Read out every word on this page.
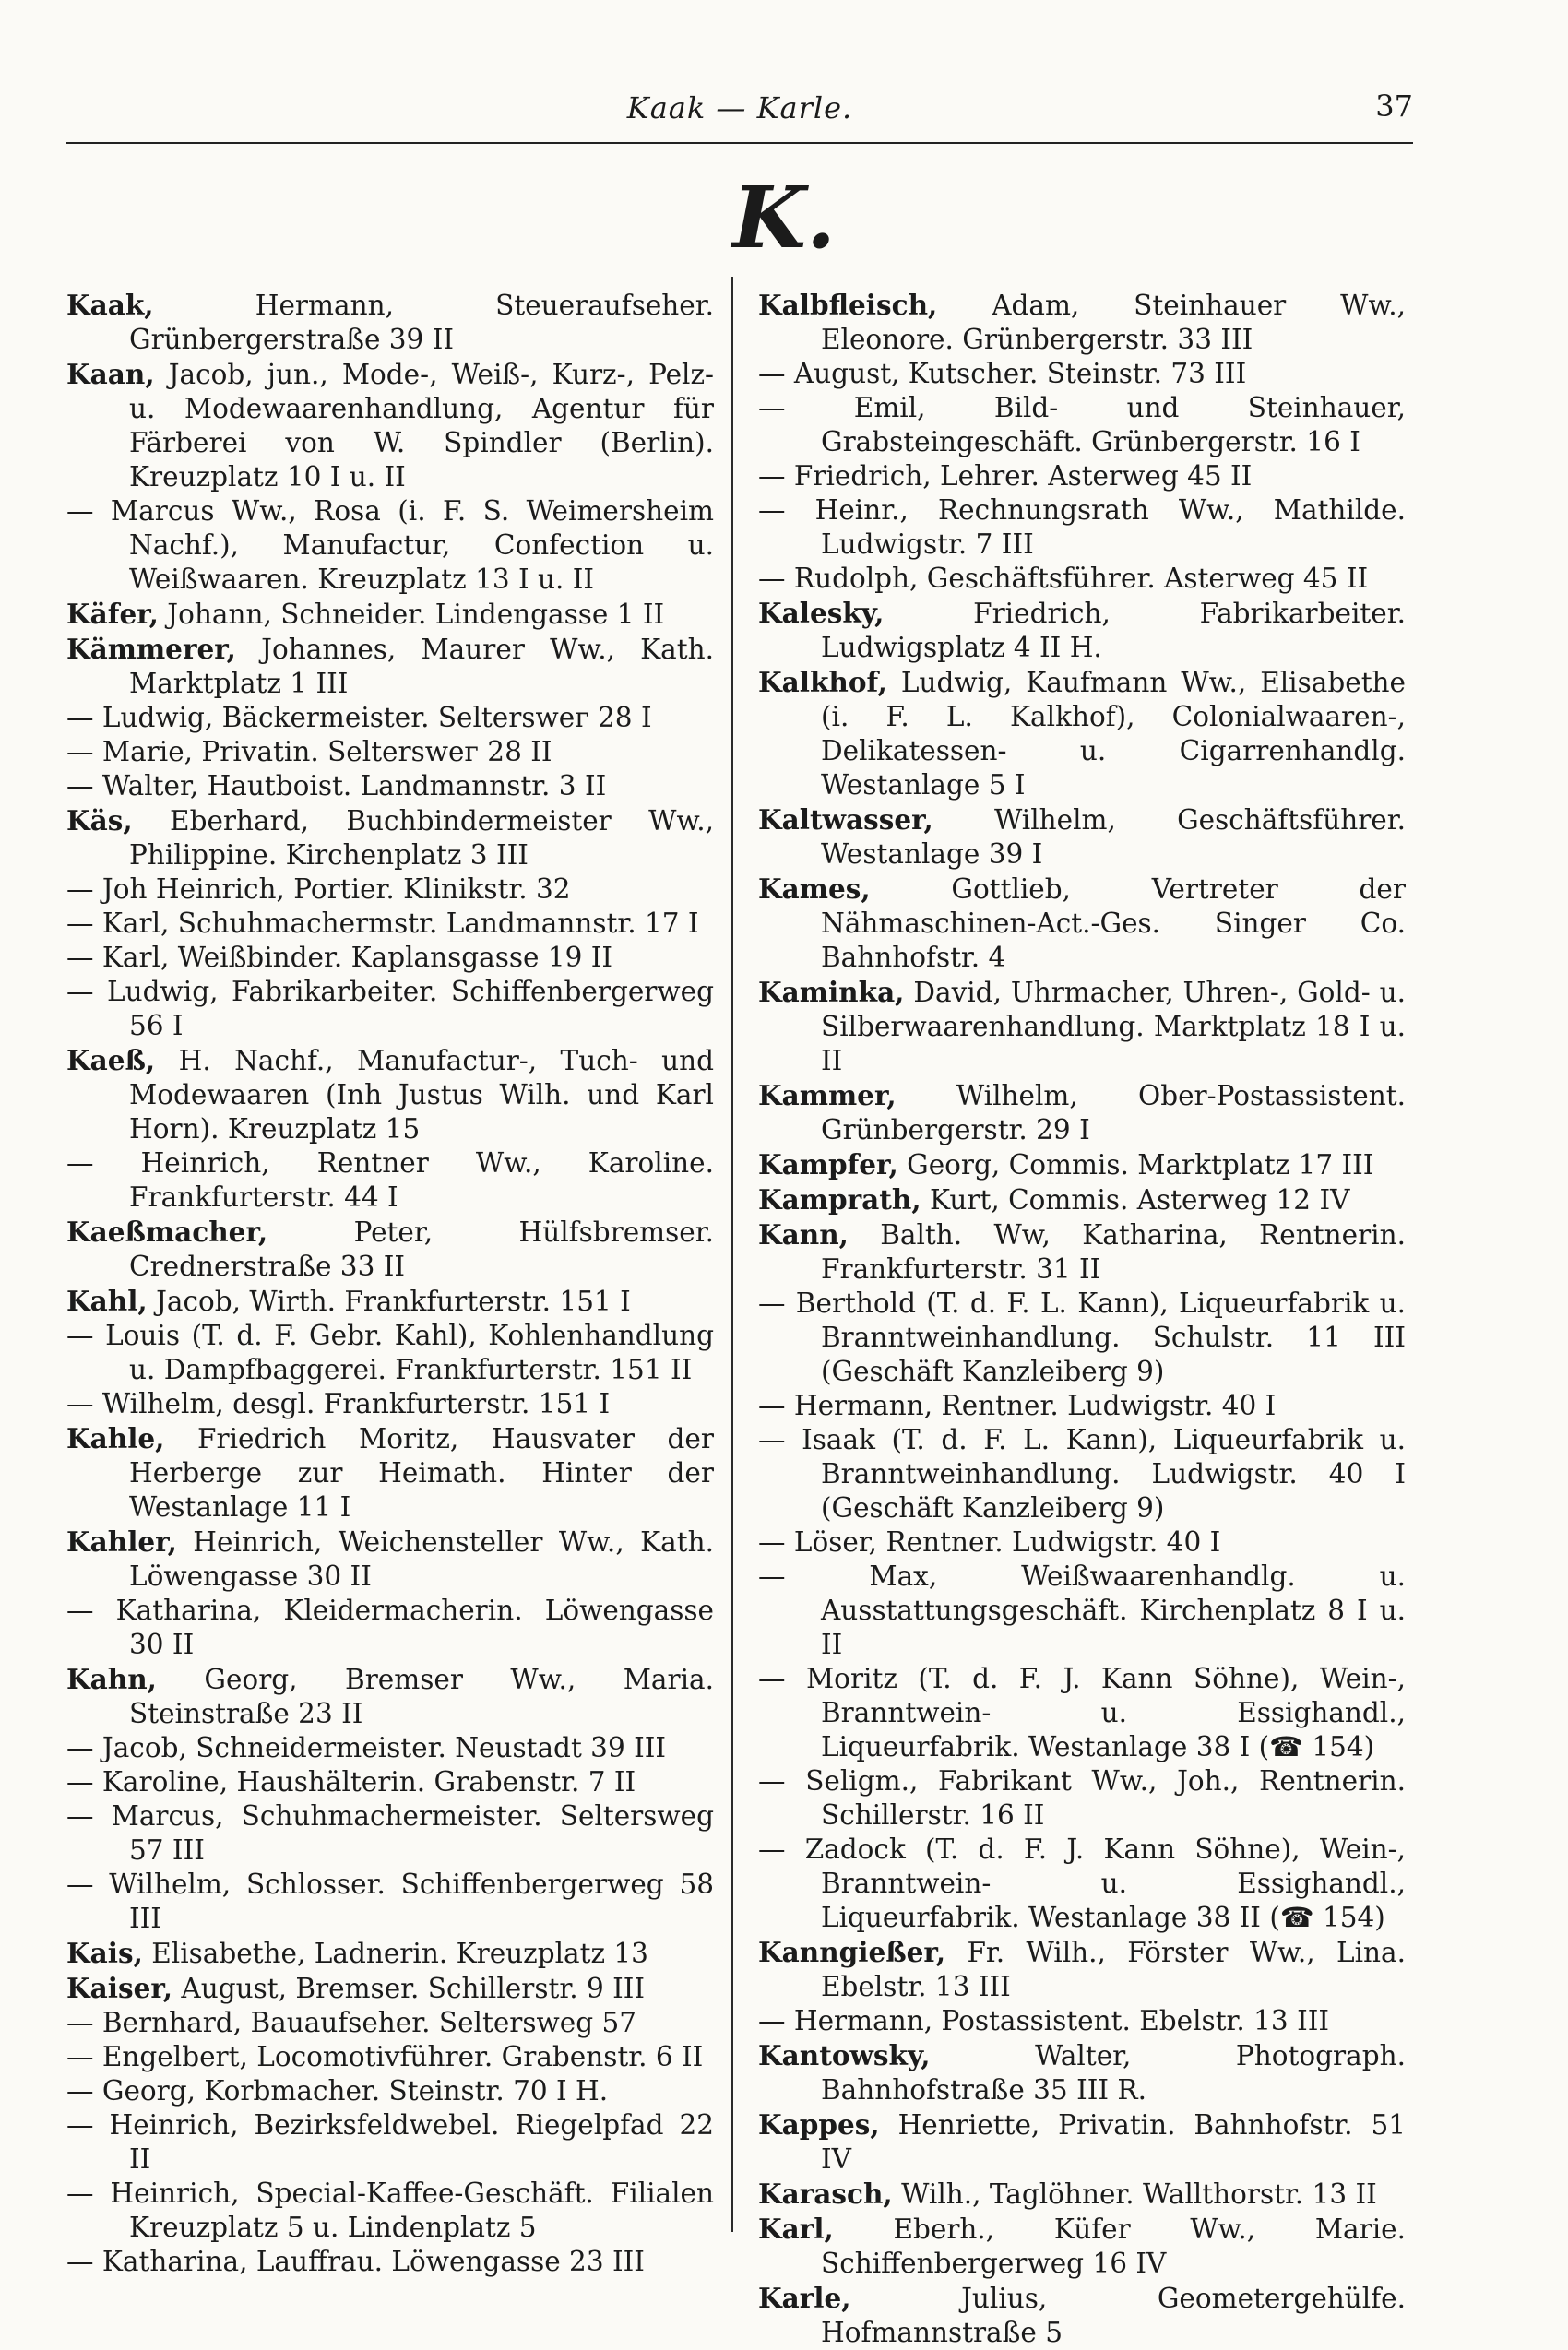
Kaak — Karle.	37
K.
Kaak,	Hermann, Steueraufseher. Grünbergerstraße 39 II
Kaan, Jacob, jun., Mode-, Weiß-, Kurz-, Pelz- u. Modewaarenhandlung, Agentur für Färberei von W. Spindler (Berlin). Kreuzplatz 10 I u. II
— Marcus Ww., Rosa (i. F. S. Weimersheim Nachf.), Manufactur, Confection u. Weißwaaren. Kreuzplatz 13 I u. II
Käfer, Johann, Schneider. Lindengasse 1 II
Kämmerer, Johannes, Maurer Ww., Kath. Marktplatz 1 III
— Ludwig, Bäckermeister. Selterswег 28 I
— Marie, Privatin. Selterswег 28 II
— Walter, Hautboist. Landmannstr. 3 II
Käs, Eberhard, Buchbindermeister Ww., Philippine. Kirchenplatz 3 III
— Joh Heinrich, Portier. Klinikstr. 32
— Karl, Schuhmachermstr. Landmannstr. 17 I
— Karl, Weißbinder. Kaplansgasse 19 II
— Ludwig, Fabrikarbeiter. Schiffenbergerweg 56 I
Kaeß, H. Nachf., Manufactur-, Tuch- und Modewaaren (Inh Justus Wilh. und Karl Horn). Kreuzplatz 15
— Heinrich, Rentner Ww., Karoline. Frankfurterstr. 44 I
Kaeßmacher,	Peter, Hülfsbremser. Crednerstraße 33 II
Kahl, Jacob, Wirth. Frankfurterstr. 151 I
— Louis (T. d. F. Gebr. Kahl), Kohlenhandlung u. Dampfbaggerei. Frankfurterstr. 151 II
— Wilhelm, desgl. Frankfurterstr. 151 I
Kahle, Friedrich Moritz, Hausvater der Herberge zur Heimath. Hinter der Westanlage 11 I
Kahler, Heinrich, Weichensteller Ww., Kath. Löwengasse 30 II
— Katharina, Kleidermacherin. Löwengasse 30 II
Kahn, Georg, Bremser Ww., Maria. Steinstraße 23 II
— Jacob, Schneidermeister. Neustadt 39 III
— Karoline, Haushälterin. Grabenstr. 7 II
— Marcus, Schuhmachermeister. Seltersweg 57 III
— Wilhelm, Schlosser. Schiffenbergerweg 58 III
Kais, Elisabethe, Ladnerin. Kreuzplatz 13
Kaiser, August, Bremser. Schillerstr. 9 III
— Bernhard, Bauaufseher. Seltersweg 57
— Engelbert, Locomotivführer. Grabenstr. 6 II
— Georg, Korbmacher. Steinstr. 70 I H.
— Heinrich, Bezirksfeldwebel. Riegelpfad 22 II
— Heinrich, Special-Kaffee-Geschäft. Filialen Kreuzplatz 5 u. Lindenplatz 5
— Katharina, Lauffrau. Löwengasse 23 III
Kalbfleisch, Adam, Steinhauer Ww., Eleonore. Grünbergerstr. 33 III
— August, Kutscher. Steinstr. 73 III
— Emil, Bild- und Steinhauer, Grabsteingeschäft. Grünbergerstr. 16 I
— Friedrich, Lehrer. Asterweg 45 II
— Heinr., Rechnungsrath Ww., Mathilde. Ludwigstr. 7 III
— Rudolph, Geschäftsführer. Asterweg 45 II
Kalesky,	Friedrich, Fabrikarbeiter. Ludwigsplatz 4 II H.
Kalkhof, Ludwig, Kaufmann Ww., Elisabethe (i. F. L. Kalkhof), Colonialwaaren-, Delikatessen- u. Cigarrenhandlg. Westanlage 5 I
Kaltwasser, Wilhelm, Geschäftsführer. Westanlage 39 I
Kames,	Gottlieb, Vertreter der Nähmaschinen-Act.-Ges. Singer Co. Bahnhofstr. 4
Kaminka, David, Uhrmacher, Uhren-, Gold- u. Silberwaarenhandlung. Marktplatz 18 I u. II
Kammer, Wilhelm, Ober-Postassistent. Grünbergerstr. 29 I
Kampfer, Georg, Commis. Marktplatz 17 III
Kamprath, Kurt, Commis. Asterweg 12 IV
Kann, Balth. Ww, Katharina, Rentnerin. Frankfurterstr. 31 II
— Berthold (T. d. F. L. Kann), Liqueurfabrik u. Branntweinhandlung. Schulstr. 11 III (Geschäft Kanzleiberg 9)
— Hermann, Rentner. Ludwigstr. 40 I
— Isaak (T. d. F. L. Kann), Liqueurfabrik u. Branntweinhandlung. Ludwigstr. 40 I (Geschäft Kanzleiberg 9)
— Löser, Rentner. Ludwigstr. 40 I
— Max, Weißwaarenhandlg. u. Ausstattungsgeschäft. Kirchenplatz 8 I u. II
— Moritz (T. d. F. J. Kann Söhne), Wein-, Branntwein- u. Essighandl., Liqueurfabrik. Westanlage 38 I (☎ 154)
— Seligm., Fabrikant Ww., Joh., Rentnerin. Schillerstr. 16 II
— Zadock (T. d. F. J. Kann Söhne), Wein-, Branntwein- u. Essighandl., Liqueurfabrik. Westanlage 38 II (☎ 154)
Kanngießer, Fr. Wilh., Förster Ww., Lina. Ebelstr. 13 III
— Hermann, Postassistent. Ebelstr. 13 III
Kantowsky,	Walter, Photograph. Bahnhofstraße 35 III R.
Kappes, Henriette, Privatin. Bahnhofstr. 51 IV
Karasch, Wilh., Taglöhner. Wallthorstr. 13 II
Karl, Eberh., Küfer Ww., Marie. Schiffenbergerweg 16 IV
Karle,	Julius, Geometergehülfe. Hofmannstraße 5
